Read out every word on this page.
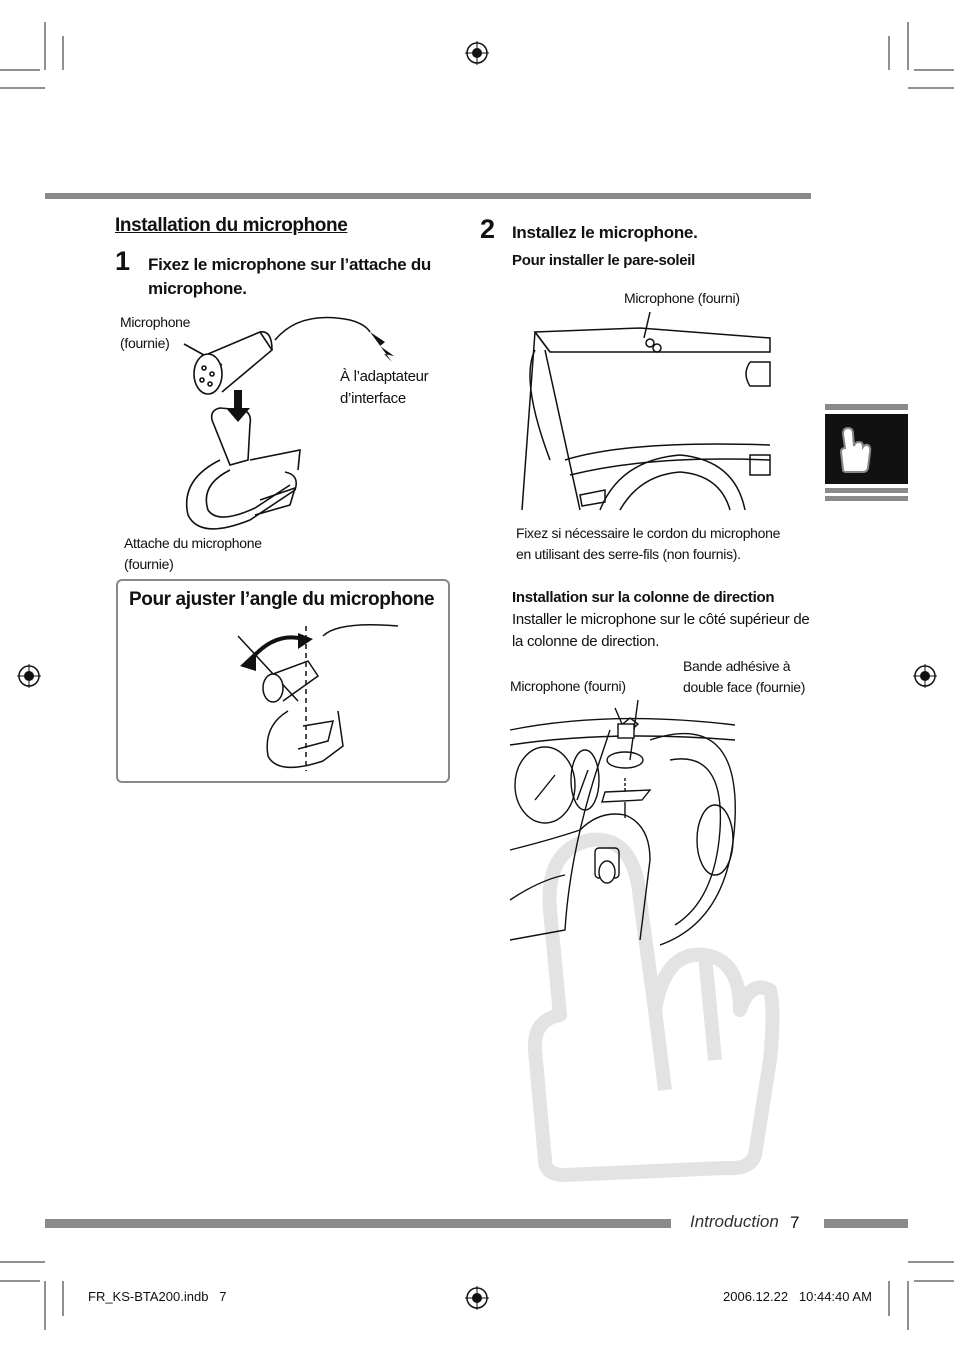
Installation du microphone
1 Fixez le microphone sur l’attache du microphone.
Microphone (fournie)
À l’adaptateur d’interface
Attache du microphone (fournie)
Pour ajuster l’angle du microphone
2 Installez le microphone.
Pour installer le pare-soleil
Microphone (fourni)
Fixez si nécessaire le cordon du microphone en utilisant des serre-fils (non fournis).
Installation sur la colonne de direction
Installer le microphone sur le côté supérieur de la colonne de direction.
Bande adhésive à double face (fournie)
Microphone (fourni)
Introduction 7
FR_KS-BTA200.indb   7	2006.12.22   10:44:40 AM
